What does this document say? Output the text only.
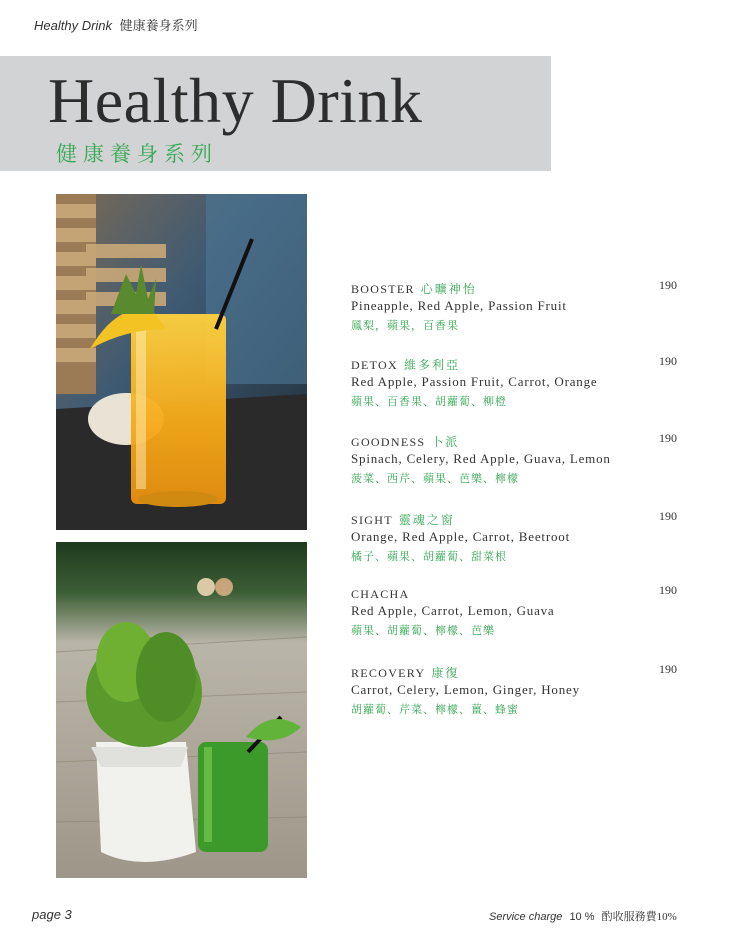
Healthy Drink 健康養身系列
Healthy Drink
健康養身系列
BOOSTER 心曠神怡	190
Pineapple, Red Apple, Passion Fruit
鳳梨，蘋果，百香果
DETOX 維多利亞	190
Red Apple, Passion Fruit, Carrot, Orange
蘋果、百香果、胡蘿蔔、柳橙
GOODNESS 卜派	190
Spinach, Celery, Red Apple, Guava, Lemon
菠菜、西芹、蘋果、芭樂、檸檬
SIGHT 靈魂之窗	190
Orange, Red Apple, Carrot, Beetroot
橘子、蘋果、胡蘿蔔、甜菜根
CHACHA	190
Red Apple, Carrot, Lemon, Guava
蘋果、胡蘿蔔、檸檬、芭樂
RECOVERY 康復	190
Carrot, Celery, Lemon, Ginger, Honey
胡蘿蔔、芹菜、檸檬、薑、蜂蜜
page 3	Service charge 10 % 酌收服務費10%
